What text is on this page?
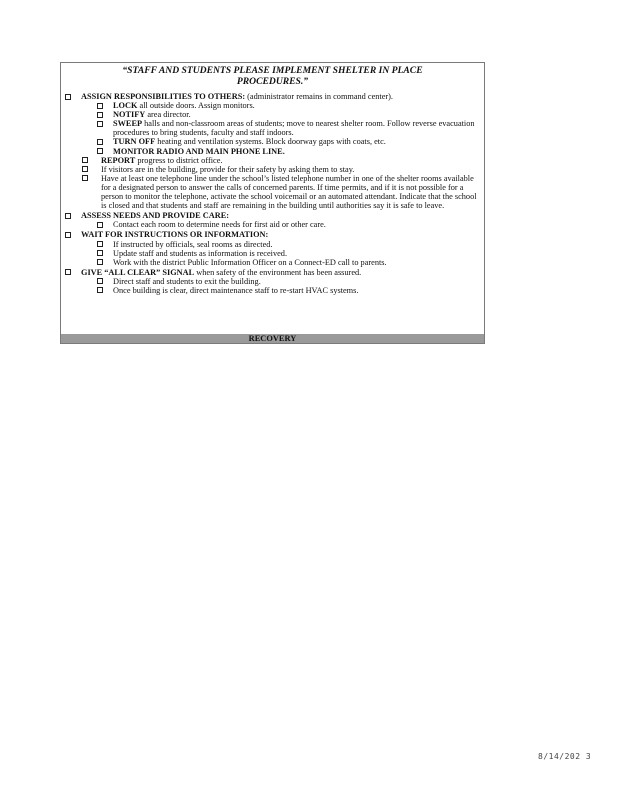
“STAFF AND STUDENTS PLEASE IMPLEMENT SHELTER IN PLACE PROCEDURES.”
ASSIGN RESPONSIBILITIES TO OTHERS: (administrator remains in command center).
LOCK all outside doors. Assign monitors.
NOTIFY area director.
SWEEP halls and non-classroom areas of students; move to nearest shelter room. Follow reverse evacuation procedures to bring students, faculty and staff indoors.
TURN OFF heating and ventilation systems. Block doorway gaps with coats, etc.
MONITOR RADIO AND MAIN PHONE LINE.
REPORT progress to district office.
If visitors are in the building, provide for their safety by asking them to stay.
Have at least one telephone line under the school’s listed telephone number in one of the shelter rooms available for a designated person to answer the calls of concerned parents. If time permits, and if it is not possible for a person to monitor the telephone, activate the school voicemail or an automated attendant. Indicate that the school is closed and that students and staff are remaining in the building until authorities say it is safe to leave.
ASSESS NEEDS AND PROVIDE CARE:
Contact each room to determine needs for first aid or other care.
WAIT FOR INSTRUCTIONS OR INFORMATION:
If instructed by officials, seal rooms as directed.
Update staff and students as information is received.
Work with the district Public Information Officer on a Connect-ED call to parents.
GIVE “ALL CLEAR” SIGNAL when safety of the environment has been assured.
Direct staff and students to exit the building.
Once building is clear, direct maintenance staff to re-start HVAC systems.
RECOVERY
8/14/202 3
